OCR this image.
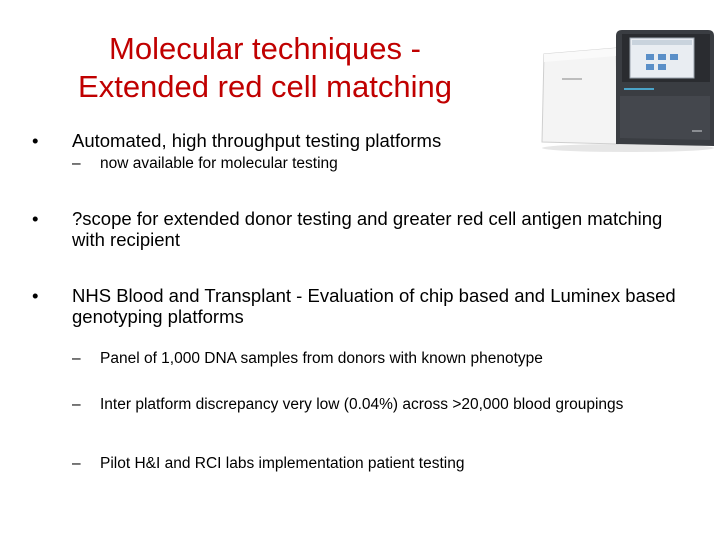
Molecular techniques -
Extended red cell matching
•	Automated, high throughput testing platforms
–	now available for molecular testing
•	?scope for extended donor testing and greater red cell antigen matching with recipient
•	NHS Blood and Transplant - Evaluation of chip based and Luminex based genotyping platforms
–	Panel of 1,000 DNA samples from donors with known phenotype
–	Inter platform discrepancy very low (0.04%) across >20,000 blood groupings
–	Pilot H&I and RCI labs implementation patient testing
